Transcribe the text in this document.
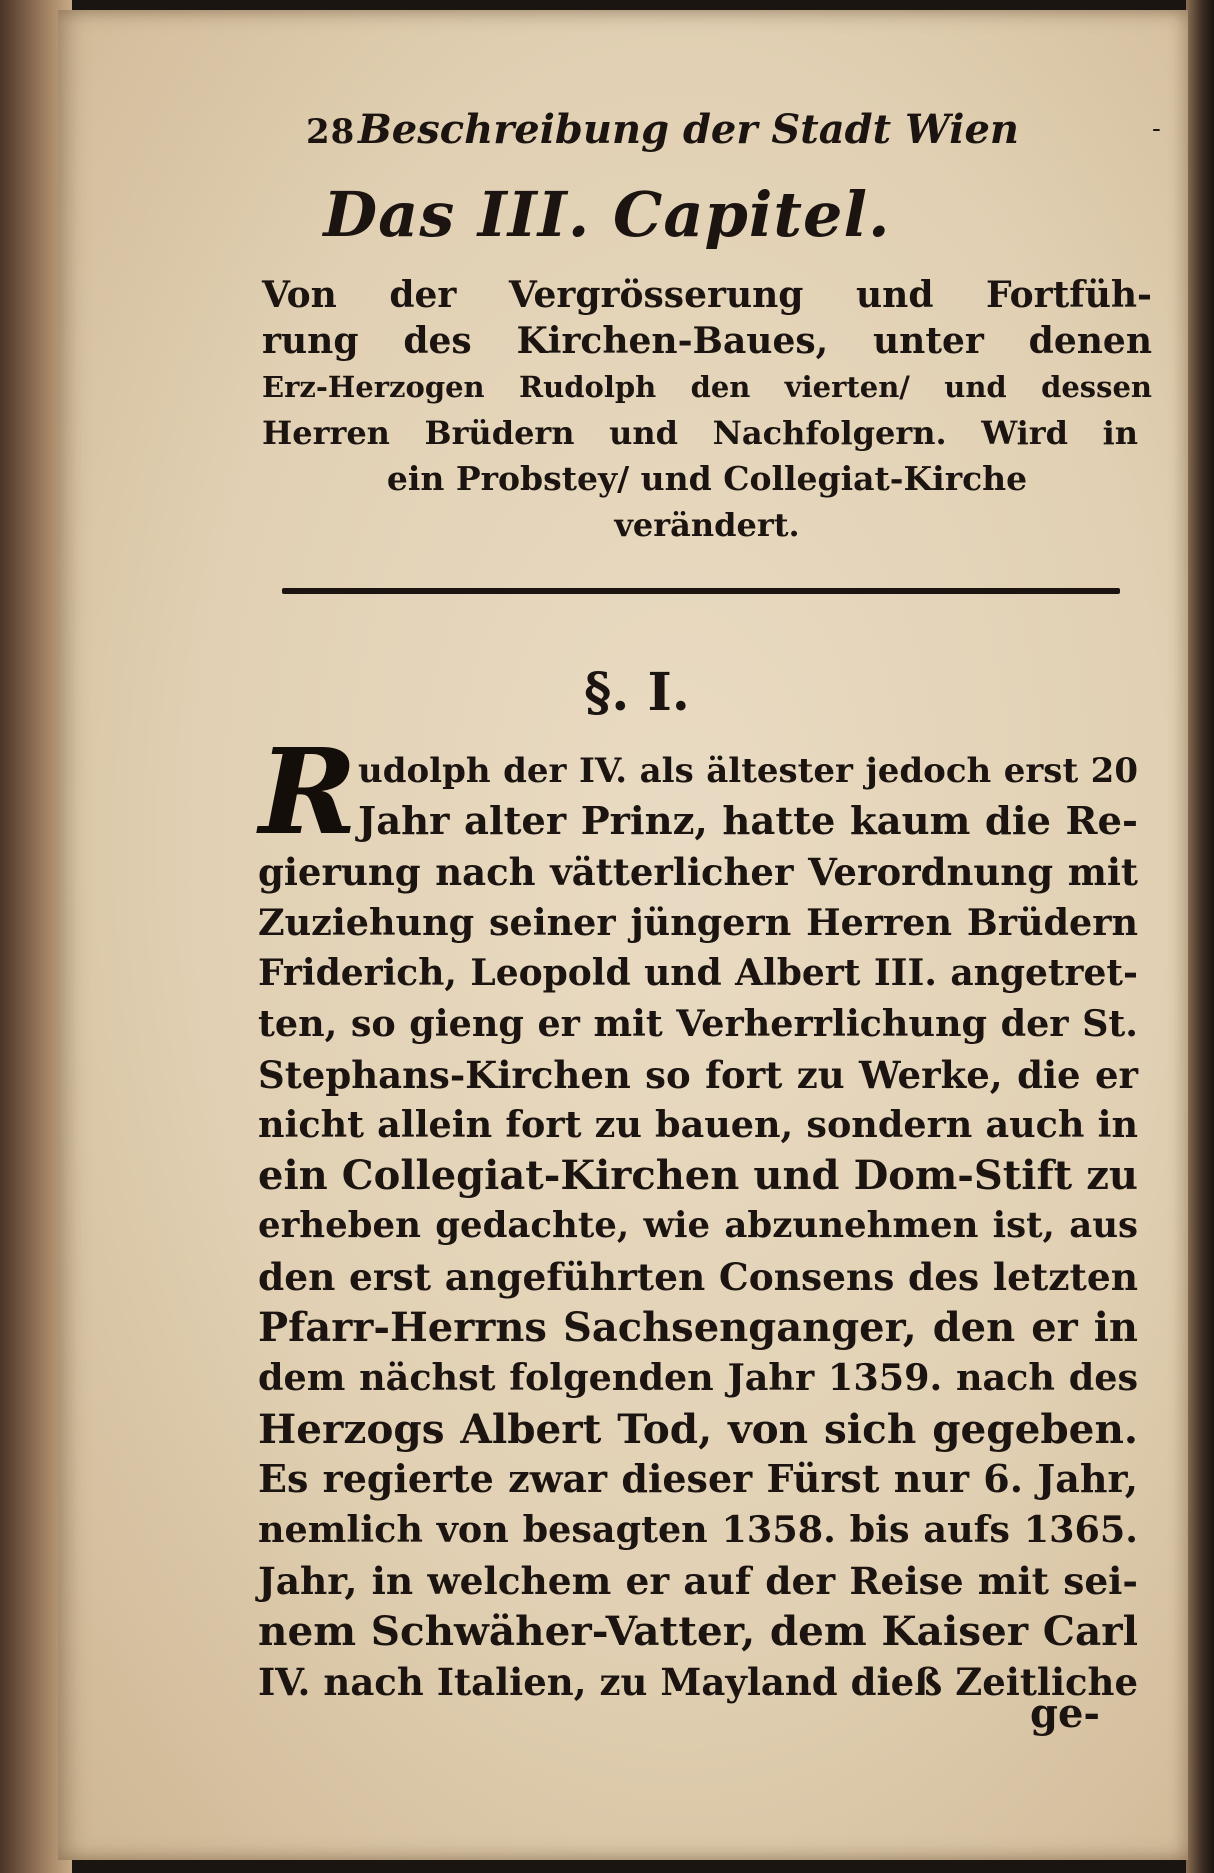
28 Beschreibung der Stadt Wien	-
Das III. Capitel.
Von der Vergrösserung und Fortfüh-
rung des Kirchen-Baues, unter denen
Erz-Herzogen Rudolph den vierten/ und dessen
Herren Brüdern und Nachfolgern. Wird in
ein Probstey/ und Collegiat-Kirche
verändert.
§. I.
R udolph der IV. als ältester jedoch erst 20
Jahr alter Prinz, hatte kaum die Re-
gierung nach vätterlicher Verordnung mit
Zuziehung seiner jüngern Herren Brüdern
Friderich, Leopold und Albert III. angetret-
ten, so gieng er mit Verherrlichung der St.
Stephans-Kirchen so fort zu Werke, die er
nicht allein fort zu bauen, sondern auch in
ein Collegiat-Kirchen und Dom-Stift zu
erheben gedachte, wie abzunehmen ist, aus
den erst angeführten Consens des letzten
Pfarr-Herrns Sachsenganger, den er in
dem nächst folgenden Jahr 1359. nach des
Herzogs Albert Tod, von sich gegeben.
Es regierte zwar dieser Fürst nur 6. Jahr,
nemlich von besagten 1358. bis aufs 1365.
Jahr, in welchem er auf der Reise mit sei-
nem Schwäher-Vatter, dem Kaiser Carl
IV. nach Italien, zu Mayland dieß Zeitliche
ge-
